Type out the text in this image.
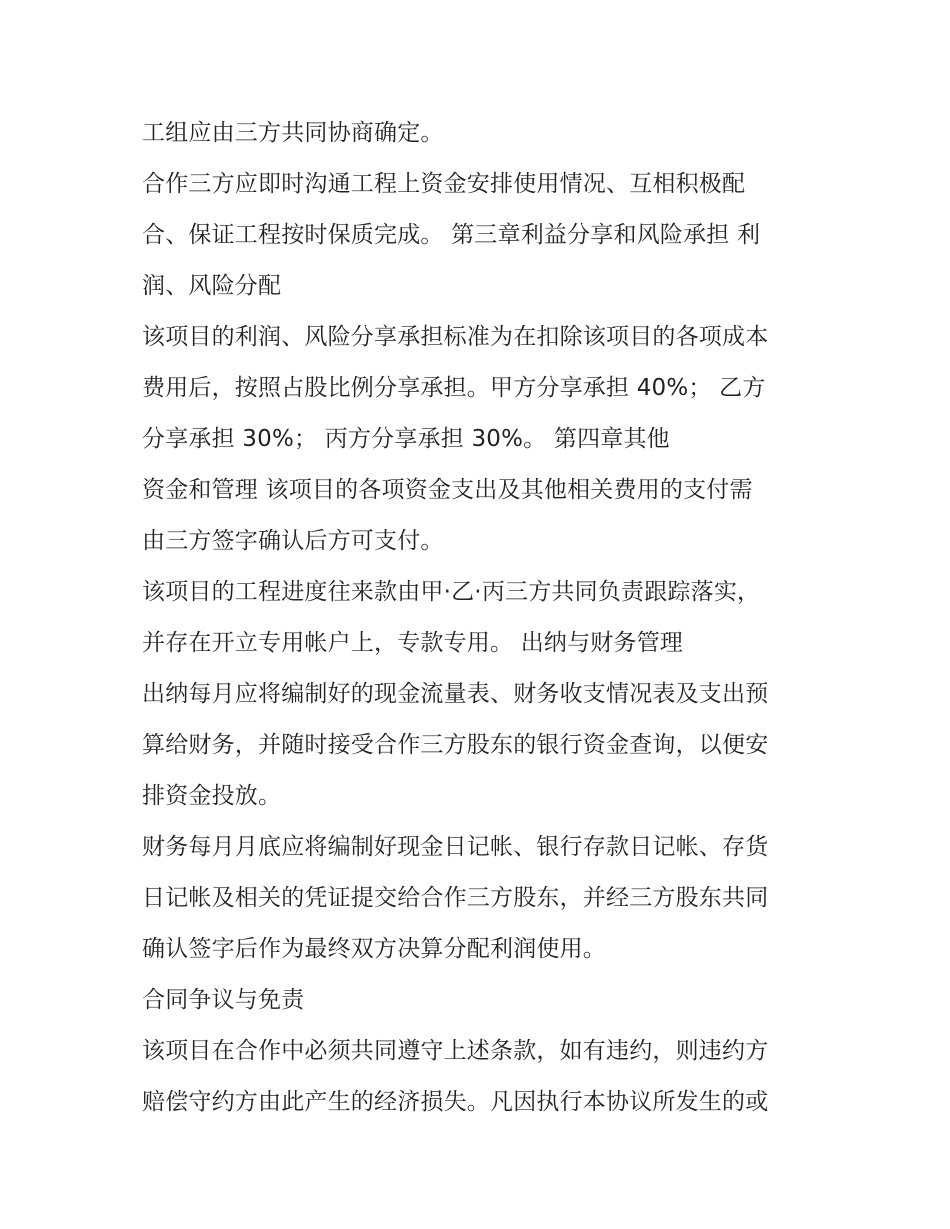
工组应由三方共同协商确定。
合作三方应即时沟通工程上资金安排使用情况、互相积极配
合、保证工程按时保质完成。 第三章利益分享和风险承担 利
润、风险分配
该项目的利润、风险分享承担标准为在扣除该项目的各项成本
费用后，按照占股比例分享承担。甲方分享承担 40%； 乙方
分享承担 30%； 丙方分享承担 30%。 第四章其他
资金和管理 该项目的各项资金支出及其他相关费用的支付需
由三方签字确认后方可支付。
该项目的工程进度往来款由甲·乙·丙三方共同负责跟踪落实，
并存在开立专用帐户上，专款专用。 出纳与财务管理
出纳每月应将编制好的现金流量表、财务收支情况表及支出预
算给财务，并随时接受合作三方股东的银行资金查询，以便安
排资金投放。
财务每月月底应将编制好现金日记帐、银行存款日记帐、存货
日记帐及相关的凭证提交给合作三方股东，并经三方股东共同
确认签字后作为最终双方决算分配利润使用。
合同争议与免责
该项目在合作中必须共同遵守上述条款，如有违约，则违约方
赔偿守约方由此产生的经济损失。凡因执行本协议所发生的或
